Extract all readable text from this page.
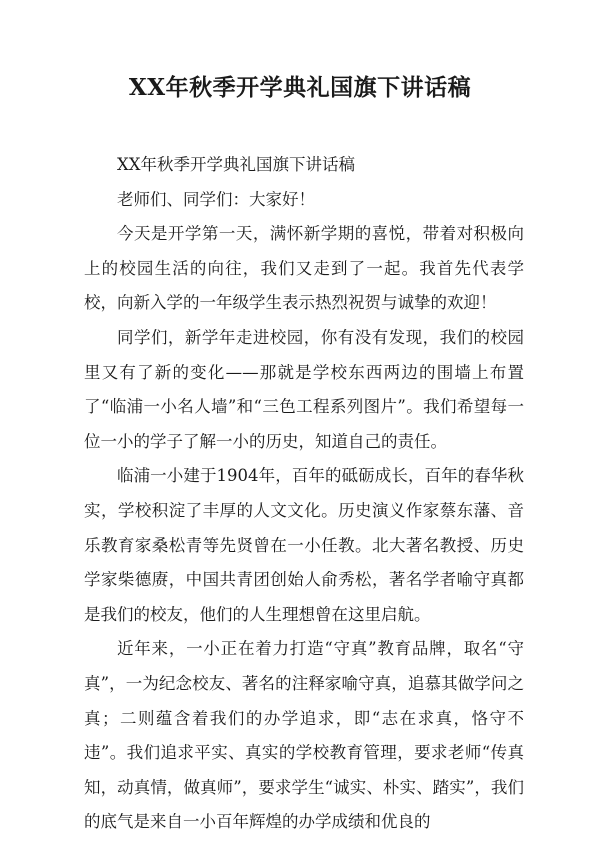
XX年秋季开学典礼国旗下讲话稿

XX年秋季开学典礼国旗下讲话稿

老师们、同学们：大家好！

今天是开学第一天，满怀新学期的喜悦，带着对积极向上的校园生活的向往，我们又走到了一起。我首先代表学校，向新入学的一年级学生表示热烈祝贺与诚挚的欢迎！

同学们，新学年走进校园，你有没有发现，我们的校园里又有了新的变化——那就是学校东西两边的围墙上布置了“临浦一小名人墙”和“三色工程系列图片”。我们希望每一位一小的学子了解一小的历史，知道自己的责任。

临浦一小建于1904年，百年的砥砺成长，百年的春华秋实，学校积淀了丰厚的人文文化。历史演义作家蔡东藩、音乐教育家桑松青等先贤曾在一小任教。北大著名教授、历史学家柴德赓，中国共青团创始人俞秀松，著名学者喻守真都是我们的校友，他们的人生理想曾在这里启航。

近年来，一小正在着力打造“守真”教育品牌，取名“守真”，一为纪念校友、著名的注释家喻守真，追慕其做学问之真；二则蕴含着我们的办学追求，即“志在求真，恪守不违”。我们追求平实、真实的学校教育管理，要求老师“传真知，动真情，做真师”，要求学生“诚实、朴实、踏实”，我们的底气是来自一小百年辉煌的办学成绩和优良的
